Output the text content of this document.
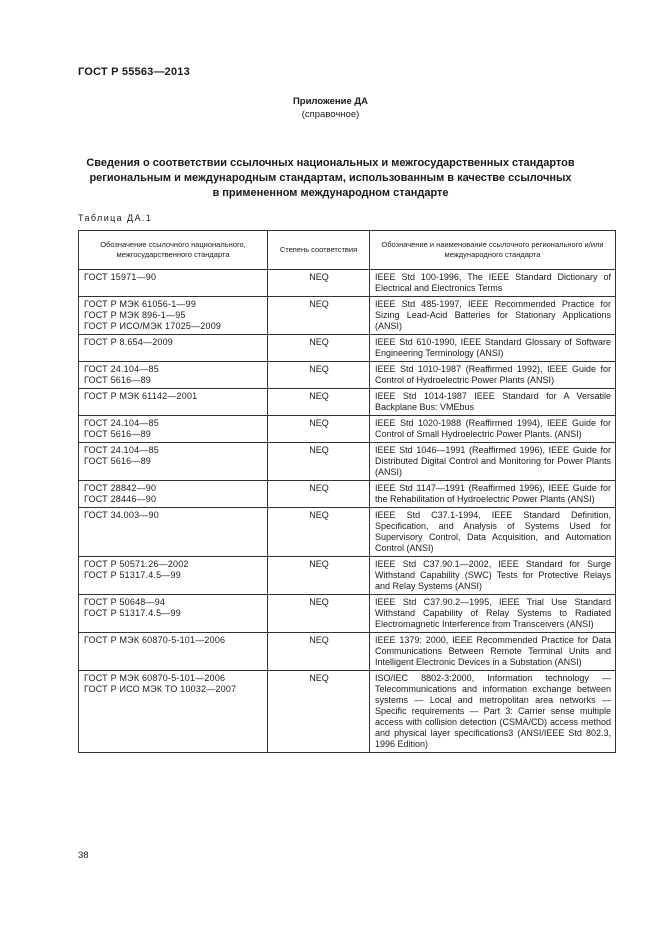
ГОСТ Р 55563—2013
Приложение ДА
(справочное)
Сведения о соответствии ссылочных национальных и межгосударственных стандартов
региональным и международным стандартам, использованным в качестве ссылочных
в примененном международном стандарте
Таблица ДА.1
Обозначение ссылочного национального, межгосударственного стандарта	Степень соответствия	Обозначение и наименование ссылочного регионального и/или международного стандарта

ГОСТ 15971—90	NEQ	IEEE Std 100-1996, The IEEE Standard Dictionary of Electrical and Electronics Terms

ГОСТ Р МЭК 61056-1—99
ГОСТ Р МЭК 896-1—95
ГОСТ Р ИСО/МЭК 17025—2009	NEQ	IEEE Std 485-1997, IEEE Recommended Practice for Sizing Lead-Acid Batteries for Stationary Applications (ANSI)

ГОСТ Р 8.654—2009	NEQ	IEEE Std 610-1990, IEEE Standard Glossary of Software Engineering Terminology (ANSI)

ГОСТ 24.104—85
ГОСТ 5616—89	NEQ	IEEE Std 1010-1987 (Reaffirmed 1992), IEEE Guide for Control of Hydroelectric Power Plants (ANSI)

ГОСТ Р МЭК 61142—2001	NEQ	IEEE Std 1014-1987 IEEE Standard for A Versatile Backplane Bus: VMEbus

ГОСТ 24.104—85
ГОСТ 5616—89	NEQ	IEEE Std 1020-1988 (Reaffirmed 1994), IEEE Guide for Control of Small Hydroelectric Power Plants. (ANSI)

ГОСТ 24.104—85
ГОСТ 5616—89	NEQ	IEEE Std 1046—1991 (Reaffirmed 1996), IEEE Guide for Distributed Digital Control and Monitoring for Power Plants (ANSI)

ГОСТ 28842—90
ГОСТ 28446—90	NEQ	IEEE Std 1147—1991 (Reaffirmed 1996), IEEE Guide for the Rehabilitation of Hydroelectric Power Plants (ANSI)

ГОСТ 34.003—90	NEQ	IEEE Std C37.1-1994, IEEE Standard Definition, Specification, and Analysis of Systems Used for Supervisory Control, Data Acquisition, and Automation Control (ANSI)

ГОСТ Р 50571.26—2002
ГОСТ Р 51317.4.5—99	NEQ	IEEE Std C37.90.1—2002, IEEE Standard for Surge Withstand Capability (SWC) Tests for Protective Relays and Relay Systems (ANSI)

ГОСТ Р 50648—94
ГОСТ Р 51317.4.5—99	NEQ	IEEE Std C37.90.2—1995, IEEE Trial Use Standard Withstand Capability of Relay Systems to Radiated Electromagnetic Interference from Transceivers (ANSI)

ГОСТ Р МЭК 60870-5-101—2006	NEQ	IEEE 1379: 2000, IEEE Recommended Practice for Data Communications Between Remote Terminal Units and Intelligent Electronic Devices in a Substation (ANSI)

ГОСТ Р МЭК 60870-5-101—2006
ГОСТ Р ИСО МЭК ТО 10032—2007	NEQ	ISO/IEC 8802-3:2000, Information technology — Telecommunications and information exchange between systems — Local and metropolitan area networks — Specific requirements — Part 3: Carrier sense multiple access with collision detection (CSMA/CD) access method and physical layer specifications3 (ANSI/IEEE Std 802.3, 1996 Edition)
38
